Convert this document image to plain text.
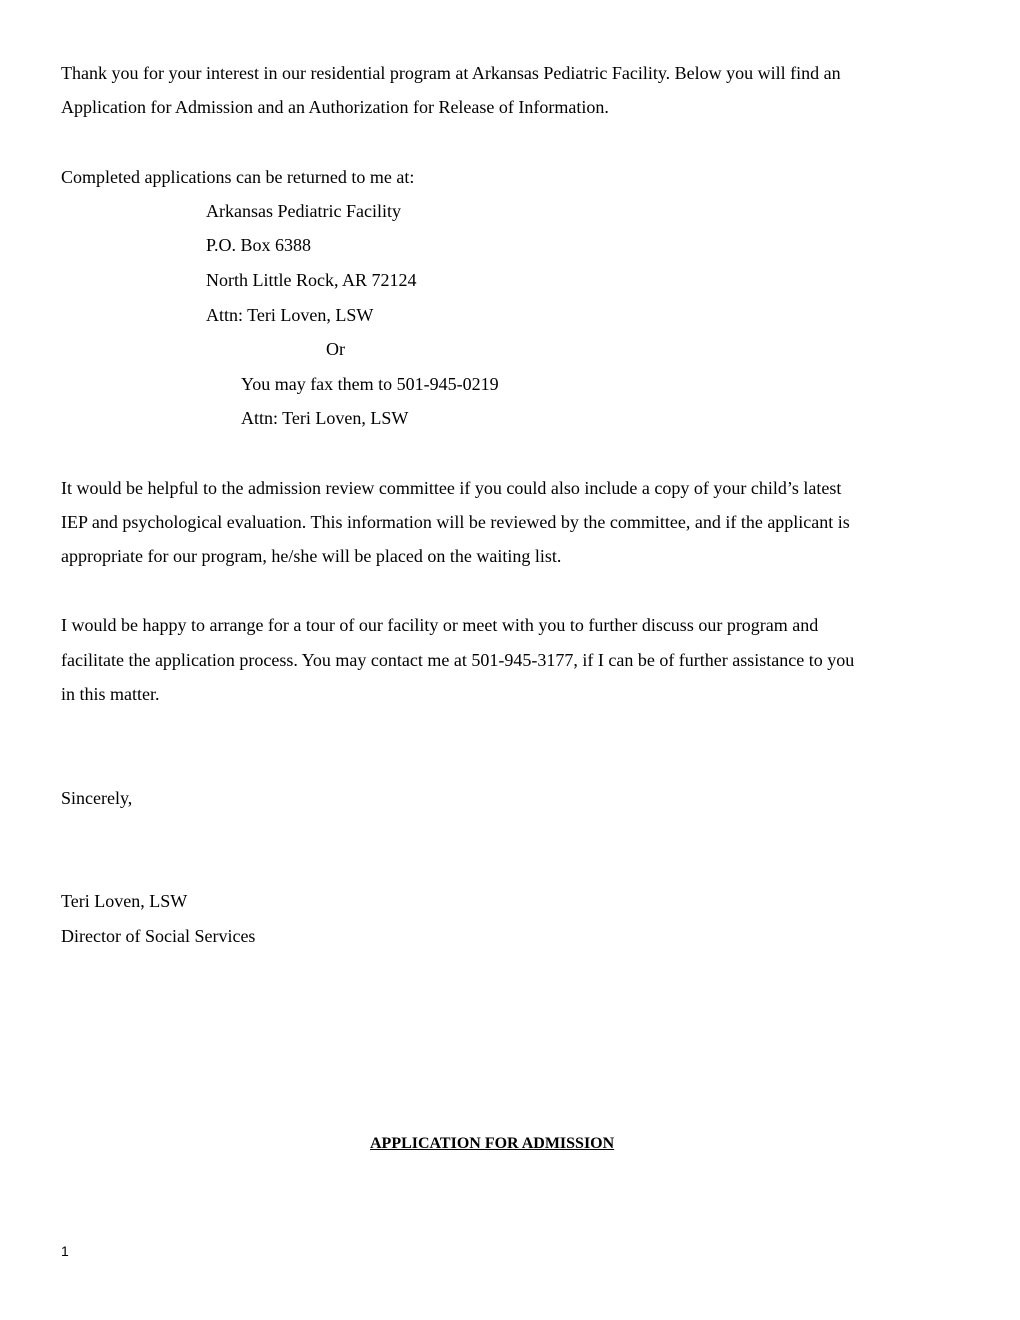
Thank you for your interest in our residential program at Arkansas Pediatric Facility. Below you will find an

Application for Admission and an Authorization for Release of Information.

Completed applications can be returned to me at:

Arkansas Pediatric Facility

P.O. Box 6388

North Little Rock, AR 72124

Attn: Teri Loven, LSW

Or

You may fax them to 501-945-0219

Attn: Teri Loven, LSW

It would be helpful to the admission review committee if you could also include a copy of your child’s latest

IEP and psychological evaluation. This information will be reviewed by the committee, and if the applicant is

appropriate for our program, he/she will be placed on the waiting list.

I would be happy to arrange for a tour of our facility or meet with you to further discuss our program and

facilitate the application process. You may contact me at 501-945-3177, if I can be of further assistance to you

in this matter.

Sincerely,

Teri Loven, LSW

Director of Social Services

APPLICATION FOR ADMISSION

1
